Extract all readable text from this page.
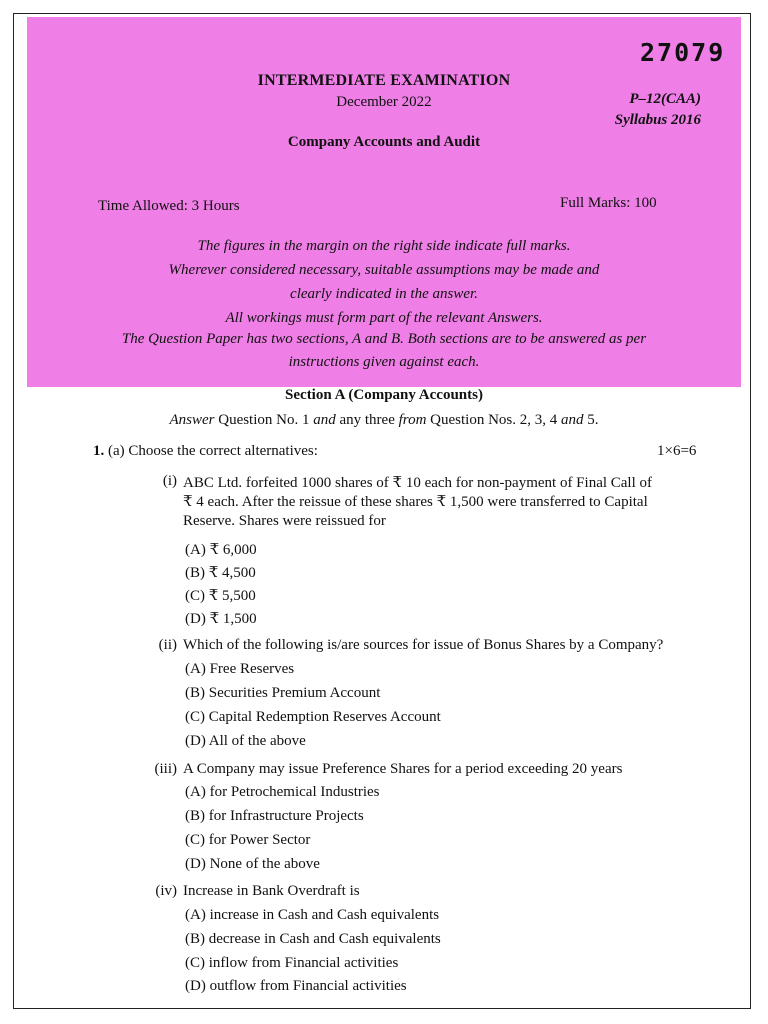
27079
INTERMEDIATE EXAMINATION
December 2022	P–12(CAA)
Syllabus 2016
Company Accounts and Audit
Time Allowed: 3 Hours	Full Marks: 100
The figures in the margin on the right side indicate full marks.
Wherever considered necessary, suitable assumptions may be made and
clearly indicated in the answer.
All workings must form part of the relevant Answers.
The Question Paper has two sections, A and B. Both sections are to be answered as per
instructions given against each.
Section A (Company Accounts)
Answer Question No. 1 and any three from Question Nos. 2, 3, 4 and 5.
1. (a) Choose the correct alternatives:	1×6=6
(i) ABC Ltd. forfeited 1000 shares of ₹ 10 each for non-payment of Final Call of
₹ 4 each. After the reissue of these shares ₹ 1,500 were transferred to Capital
Reserve. Shares were reissued for
(A) ₹ 6,000
(B) ₹ 4,500
(C) ₹ 5,500
(D) ₹ 1,500
(ii) Which of the following is/are sources for issue of Bonus Shares by a Company?
(A) Free Reserves
(B) Securities Premium Account
(C) Capital Redemption Reserves Account
(D) All of the above
(iii) A Company may issue Preference Shares for a period exceeding 20 years
(A) for Petrochemical Industries
(B) for Infrastructure Projects
(C) for Power Sector
(D) None of the above
(iv) Increase in Bank Overdraft is
(A) increase in Cash and Cash equivalents
(B) decrease in Cash and Cash equivalents
(C) inflow from Financial activities
(D) outflow from Financial activities
